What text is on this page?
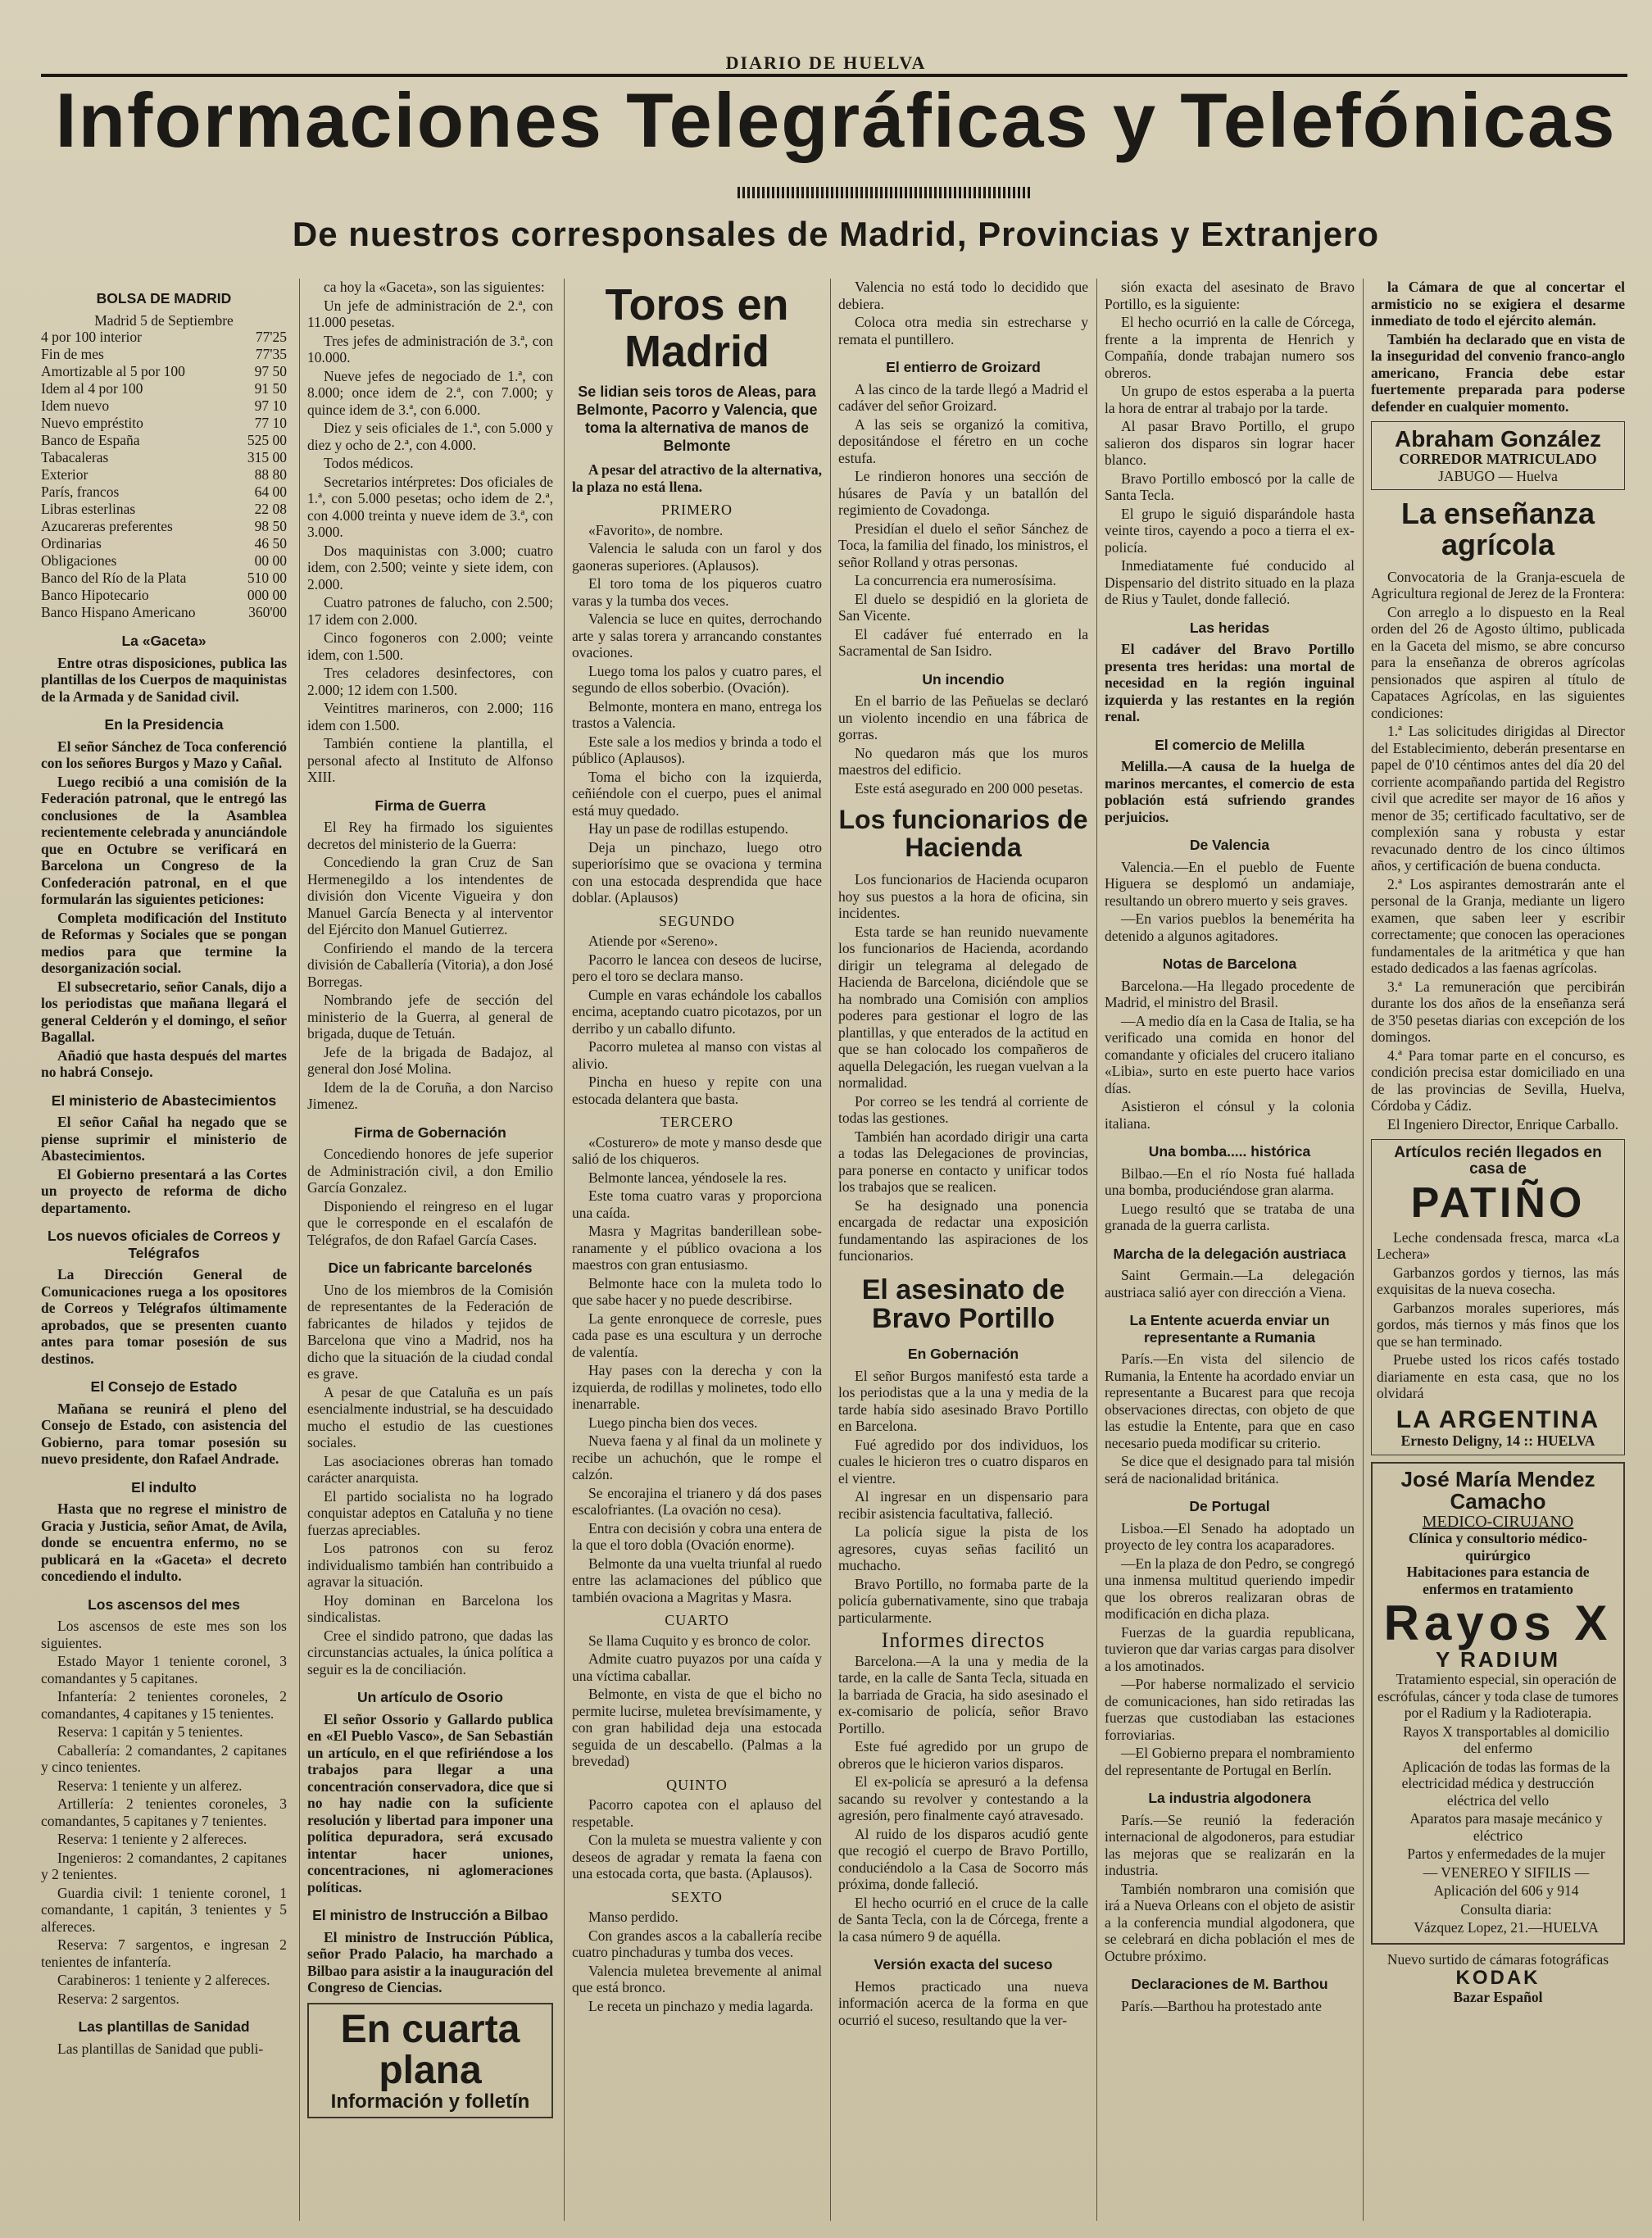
DIARIO DE HUELVA
Informaciones Telegráficas y Telefónicas
De nuestros corresponsales de Madrid, Provincias y Extranjero
BOLSA DE MADRID
Madrid 5 de Septiembre
4 por 100 interior	77'25
Fin de mes	77'35
Amortizable al 5 por 100	97 50
Idem al 4 por 100	91 50
Idem nuevo	97 10
Nuevo empréstito	77 10
Banco de España	525 00
Tabacaleras	315 00
Exterior	88 80
París, francos	64 00
Libras esterlinas	22 08
Azucareras preferentes	98 50
Ordinarias	46 50
Obligaciones	00 00
Banco del Río de la Plata	510 00
Banco Hipotecario	000 00
Banco Hispano Americano	360'00
La «Gaceta»

Entre otras disposiciones, publica las plantillas de los Cuerpos de maquinistas de la Armada y de Sanidad civil.

En la Presidencia

El señor Sánchez de Toca conferenció con los señores Burgos y Mazo y Cañal.

Luego recibió a una comisión de la Federación patronal, que le entregó las conclusiones de la Asamblea recientemente celebrada y anunciándole que en Octubre se verificará en Barcelona un Congreso de la Confederación patronal, en el que formularán las siguientes peticiones:

Completa modificación del Instituto de Reformas y Sociales que se pongan medios para que termine la desorganización social.

El subsecretario, señor Canals, dijo a los periodistas que mañana llegará el general Celderón y el domingo, el señor Bagallal.

Añadió que hasta después del martes no habrá Consejo.

El ministerio de Abastecimientos

El señor Cañal ha negado que se piense suprimir el ministerio de Abastecimientos.

El Gobierno presentará a las Cortes un proyecto de reforma de dicho departamento.

Los nuevos oficiales de Correos y Telégrafos

La Dirección General de Comunicaciones ruega a los opositores de Correos y Telégrafos últimamente aprobados, que se presenten cuanto antes para tomar posesión de sus destinos.

El Consejo de Estado

Mañana se reunirá el pleno del Consejo de Estado, con asistencia del Gobierno, para tomar posesión su nuevo presidente, don Rafael Andrade.

El indulto

Hasta que no regrese el ministro de Gracia y Justicia, señor Amat, de Avila, donde se encuentra enfermo, no se publicará en la «Gaceta» el decreto concediendo el indulto.

Los ascensos del mes

Los ascensos de este mes son los siguientes.

Estado Mayor 1 teniente coronel, 3 comandantes y 5 capitanes.

Infantería: 2 tenientes coroneles, 2 comandantes, 4 capitanes y 15 tenientes.

Reserva: 1 capitán y 5 tenientes.

Caballería: 2 comandantes, 2 capitanes y cinco tenientes.

Reserva: 1 teniente y un alferez.

Artillería: 2 tenientes coroneles, 3 comandantes, 5 capitanes y 7 tenientes.

Reserva: 1 teniente y 2 alfereces.

Ingenieros: 2 comandantes, 2 capitanes y 2 tenientes.

Guardia civil: 1 teniente coronel, 1 comandante, 1 capitán, 3 tenientes y 5 alfereces.

Reserva: 7 sargentos, e ingresan 2 tenientes de infantería.

Carabineros: 1 teniente y 2 alfereces.

Reserva: 2 sargentos.

Las plantillas de Sanidad

Las plantillas de Sanidad que publi-

ca hoy la «Gaceta», son las siguientes:

Un jefe de administración de 2.ª, con 11.000 pesetas.

Tres jefes de administración de 3.ª, con 10.000.

Nueve jefes de negociado de 1.ª, con 8.000; once idem de 2.ª, con 7.000; y quince idem de 3.ª, con 6.000.

Diez y seis oficiales de 1.ª, con 5.000 y diez y ocho de 2.ª, con 4.000.

Todos médicos.

Secretarios intérpretes: Dos oficiales de 1.ª, con 5.000 pesetas; ocho idem de 2.ª, con 4.000 treinta y nueve idem de 3.ª, con 3.000.

Dos maquinistas con 3.000; cuatro idem, con 2.500; veinte y siete idem, con 2.000.

Cuatro patrones de falucho, con 2.500; 17 idem con 2.000.

Cinco fogoneros con 2.000; veinte idem, con 1.500.

Tres celadores desinfectores, con 2.000; 12 idem con 1.500.

Veintitres marineros, con 2.000; 116 idem con 1.500.

También contiene la plantilla, el personal afecto al Instituto de Alfonso XIII.

Firma de Guerra

El Rey ha firmado los siguientes decretos del ministerio de la Guerra:

Concediendo la gran Cruz de San Hermenegildo a los intendentes de división don Vicente Vigueira y don Manuel García Benecta y al interventor del Ejército don Manuel Gutierrez.

Confiriendo el mando de la tercera división de Caballería (Vitoria), a don José Borregas.

Nombrando jefe de sección del ministerio de la Guerra, al general de brigada, duque de Tetuán.

Jefe de la brigada de Badajoz, al general don José Molina.

Idem de la de Coruña, a don Narciso Jimenez.

Firma de Gobernación

Concediendo honores de jefe superior de Administración civil, a don Emilio García Gonzalez.

Disponiendo el reingreso en el lugar que le corresponde en el escalafón de Telégrafos, de don Rafael García Cases.

Dice un fabricante barcelonés

Uno de los miembros de la Comisión de representantes de la Federación de fabricantes de hilados y tejidos de Barcelona que vino a Madrid, nos ha dicho que la situación de la ciudad condal es grave.

A pesar de que Cataluña es un país esencialmente industrial, se ha descuidado mucho el estudio de las cuestiones sociales.

Las asociaciones obreras han tomado carácter anarquista.

El partido socialista no ha logrado conquistar adeptos en Cataluña y no tiene fuerzas apreciables.

Los patronos con su feroz individualismo también han contribuido a agravar la situación.

Hoy dominan en Barcelona los sindicalistas.

Cree el sindido patrono, que dadas las circunstancias actuales, la única política a seguir es la de conciliación.

Un artículo de Osorio

El señor Ossorio y Gallardo publica en «El Pueblo Vasco», de San Sebastián un artículo, en el que refiriéndose a los trabajos para llegar a una concentración conservadora, dice que si no hay nadie con la suficiente resolución y libertad para imponer una política depuradora, será excusado intentar hacer uniones, concentraciones, ni aglomeraciones políticas.

El ministro de Instrucción a Bilbao

El ministro de Instrucción Pública, señor Prado Palacio, ha marchado a Bilbao para asistir a la inauguración del Congreso de Ciencias.

En cuarta plana
Información y folletín
Toros en Madrid
Se lidian seis toros de Aleas, para Belmonte, Pacorro y Valencia, que toma la alternativa de manos de Belmonte

A pesar del atractivo de la alternativa, la plaza no está llena.

PRIMERO

«Favorito», de nombre.

Valencia le saluda con un farol y dos gaoneras superiores. (Aplausos).

El toro toma de los piqueros cuatro varas y la tumba dos veces.

Valencia se luce en quites, derrochando arte y salas torera y arrancando constantes ovaciones.

Luego toma los palos y cuatro pares, el segundo de ellos soberbio. (Ovación).

Belmonte, montera en mano, entrega los trastos a Valencia.

Este sale a los medios y brinda a todo el público (Aplausos).

Toma el bicho con la izquierda, ceñiéndole con el cuerpo, pues el animal está muy quedado.

Hay un pase de rodillas estupendo.

Deja un pinchazo, luego otro superiorísimo que se ovaciona y termina con una estocada desprendida que hace doblar. (Aplausos)

SEGUNDO

Atiende por «Sereno».

Pacorro le lancea con deseos de lucirse, pero el toro se declara manso.

Cumple en varas echándole los caballos encima, aceptando cuatro picotazos, por un derribo y un caballo difunto.

Pacorro muletea al manso con vistas al alivio.

Pincha en hueso y repite con una estocada delantera que basta.

TERCERO

«Costurero» de mote y manso desde que salió de los chiqueros.

Belmonte lancea, yéndosele la res.

Este toma cuatro varas y proporciona una caída.

Masra y Magritas banderillean sobe-ranamente y el público ovaciona a los maestros con gran entusiasmo.

Belmonte hace con la muleta todo lo que sabe hacer y no puede describirse.

La gente enronquece de corresle, pues cada pase es una escultura y un derroche de valentía.

Hay pases con la derecha y con la izquierda, de rodillas y molinetes, todo ello inenarrable.

Luego pincha bien dos veces.

Nueva faena y al final da un molinete y recibe un achuchón, que le rompe el calzón.

Se encorajina el trianero y dá dos pases escalofriantes. (La ovación no cesa).

Entra con decisión y cobra una entera de la que el toro dobla (Ovación enorme).

Belmonte da una vuelta triunfal al ruedo entre las aclamaciones del público que también ovaciona a Magritas y Masra.

CUARTO

Se llama Cuquito y es bronco de color.

Admite cuatro puyazos por una caída y una víctima caballar.

Belmonte, en vista de que el bicho no permite lucirse, muletea brevísimamente, y con gran habilidad deja una estocada seguida de un descabello. (Palmas a la brevedad)

QUINTO

Pacorro capotea con el aplauso del respetable.

Con la muleta se muestra valiente y con deseos de agradar y remata la faena con una estocada corta, que basta. (Aplausos).

SEXTO

Manso perdido.

Con grandes ascos a la caballería recibe cuatro pinchaduras y tumba dos veces.

Valencia muletea brevemente al animal que está bronco.

Le recetа un pinchazo y media lagarda.

Valencia no está todo lo decidido que debiera.

Coloca otra media sin estrecharse y remata el puntillero.

El entierro de Groizard

A las cinco de la tarde llegó a Madrid el cadáver del señor Groizard.

A las seis se organizó la comitiva, depositándose el féretro en un coche estufa.

Le rindieron honores una sección de húsares de Pavía y un batallón del regimiento de Covadonga.

Presidían el duelo el señor Sánchez de Toca, la familia del finado, los ministros, el señor Rolland y otras personas.

La concurrencia era numerosísima.

El duelo se despidió en la glorieta de San Vicente.

El cadáver fué enterrado en la Sacramental de San Isidro.

Un incendio

En el barrio de las Peñuelas se declaró un violento incendio en una fábrica de gorras.

No quedaron más que los muros maestros del edificio.

Este está asegurado en 200 000 pesetas.

Los funcionarios de Hacienda

Los funcionarios de Hacienda ocuparon hoy sus puestos a la hora de oficina, sin incidentes.

Esta tarde se han reunido nuevamente los funcionarios de Hacienda, acordando dirigir un telegrama al delegado de Hacienda de Barcelona, diciéndole que se ha nombrado una Comisión con amplios poderes para gestionar el logro de las plantillas, y que enterados de la actitud en que se han colocado los compañeros de aquella Delegación, les ruegan vuelvan a la normalidad.

Por correo se les tendrá al corriente de todas las gestiones.

También han acordado dirigir una carta a todas las Delegaciones de provincias, para ponerse en contacto y unificar todos los trabajos que se realicen.

Se ha designado una ponencia encargada de redactar una exposición fundamentando las aspiraciones de los funcionarios.

El asesinato de Bravo Portillo
En Gobernación

El señor Burgos manifestó esta tarde a los periodistas que a la una y media de la tarde había sido asesinado Bravo Portillo en Barcelona.

Fué agredido por dos individuos, los cuales le hicieron tres o cuatro disparos en el vientre.

Al ingresar en un dispensario para recibir asistencia facultativa, falleció.

La policía sigue la pista de los agresores, cuyas señas facilitó un muchacho.

Bravo Portillo, no formaba parte de la policía gubernativamente, sino que trabaja particularmente.

Informes directos

Barcelona.—A la una y media de la tarde, en la calle de Santa Tecla, situada en la barriada de Gracia, ha sido asesinado el ex-comisario de policía, señor Bravo Portillo.

Este fué agredido por un grupo de obreros que le hicieron varios disparos.

El ex-policía se apresuró a la defensa sacando su revolver y contestando a la agresión, pero finalmente cayó atravesado.

Al ruido de los disparos acudió gente que recogió el cuerpo de Bravo Portillo, conduciéndolo a la Casa de Socorro más próxima, donde falleció.

El hecho ocurrió en el cruce de la calle de Santa Tecla, con la de Córcega, frente a la casa número 9 de aquélla.

Versión exacta del suceso

Hemos practicado una nueva información acerca de la forma en que ocurrió el suceso, resultando que la ver-

sión exacta del asesinato de Bravo Portillo, es la siguiente:

El hecho ocurrió en la calle de Córcega, frente a la imprenta de Henrich y Compañía, donde trabajan numero sos obreros.

Un grupo de estos esperaba a la puerta la hora de entrar al trabajo por la tarde.

Al pasar Bravo Portillo, el grupo salieron dos disparos sin lograr hacer blanco.

Bravo Portillo emboscó por la calle de Santa Tecla.

El grupo le siguió disparándole hasta veinte tiros, cayendo a poco a tierra el ex-policía.

Inmediatamente fué conducido al Dispensario del distrito situado en la plaza de Rius y Taulet, donde falleció.

Las heridas

El cadáver del Bravo Portillo presenta tres heridas: una mortal de necesidad en la región inguinal izquierda y las restantes en la región renal.

El comercio de Melilla

Melilla.—A causa de la huelga de marinos mercantes, el comercio de esta población está sufriendo grandes perjuicios.

De Valencia

Valencia.—En el pueblo de Fuente Higuera se desplomó un andamiaje, resultando un obrero muerto y seis graves.

—En varios pueblos la benemérita ha detenido a algunos agitadores.

Notas de Barcelona

Barcelona.—Ha llegado procedente de Madrid, el ministro del Brasil.

—A medio día en la Casa de Italia, se ha verificado una comida en honor del comandante y oficiales del crucero italiano «Libia», surto en este puerto hace varios días.

Asistieron el cónsul y la colonia italiana.

Una bomba..... histórica

Bilbao.—En el río Nosta fué hallada una bomba, produciéndose gran alarma.

Luego resultó que se trataba de una granada de la guerra carlista.

Marcha de la delegación austriaca

Saint Germain.—La delegación austriaca salió ayer con dirección a Viena.

La Entente acuerda enviar un representante a Rumania

París.—En vista del silencio de Rumania, la Entente ha acordado enviar un representante a Bucarest para que recoja observaciones directas, con objeto de que las estudie la Entente, para que en caso necesario pueda modificar su criterio.

Se dice que el designado para tal misión será de nacionalidad británica.

De Portugal

Lisboa.—El Senado ha adoptado un proyecto de ley contra los acaparadores.

—En la plaza de don Pedro, se congregó una inmensa multitud queriendo impedir que los obreros realizaran obras de modificación en dicha plaza.

Fuerzas de la guardia republicana, tuvieron que dar varias cargas para disolver a los amotinados.

—Por haberse normalizado el servicio de comunicaciones, han sido retiradas las fuerzas que custodiaban las estaciones forroviarias.

—El Gobierno prepara el nombramiento del representante de Portugal en Berlín.

La industria algodonera

París.—Se reunió la federación internacional de algodoneros, para estudiar las mejoras que se realizarán en la industria.

También nombraron una comisión que irá a Nueva Orleans con el objeto de asistir a la conferencia mundial algodonera, que se celebrará en dicha población el mes de Octubre próximo.

Declaraciones de M. Barthou

París.—Barthou ha protestado ante

la Cámara de que al concertar el armisticio no se exigiera el desarme inmediato de todo el ejército alemán.

También ha declarado que en vista de la inseguridad del convenio franco-anglo americano, Francia debe estar fuertemente preparada para poderse defender en cualquier momento.

Abraham González
CORREDOR MATRICULADO
JABUGO — Huelva
La enseñanza agrícola

Convocatoria de la Granja-escuela de Agricultura regional de Jerez de la Frontera:

Con arreglo a lo dispuesto en la Real orden del 26 de Agosto último, publicada en la Gaceta del mismo, se abre concurso para la enseñanza de obreros agrícolas pensionados que aspiren al título de Capataces Agrícolas, en las siguientes condiciones:

1.ª Las solicitudes dirigidas al Director del Establecimiento, deberán presentarse en papel de 0'10 céntimos antes del día 20 del corriente acompañando partida del Registro civil que acredite ser mayor de 16 años y menor de 35; certificado facultativo, ser de complexión sana y robusta y estar revacunado dentro de los cinco últimos años, y certificación de buena conducta.

2.ª Los aspirantes demostrarán ante el personal de la Granja, mediante un ligero examen, que saben leer y escribir correctamente; que conocen las operaciones fundamentales de la aritmética y que han estado dedicados a las faenas agrícolas.

3.ª La remuneración que percibirán durante los dos años de la enseñanza será de 3'50 pesetas diarias con excepción de los domingos.

4.ª Para tomar parte en el concurso, es condición precisa estar domiciliado en una de las provincias de Sevilla, Huelva, Córdoba y Cádiz.

El Ingeniero Director, Enrique Carballo.

Artículos recién llegados en casa de
PATIÑO

Leche condensada fresca, marca «La Lechera»

Garbanzos gordos y tiernos, las más exquisitas de la nueva cosecha.

Garbanzos morales superiores, más gordos, más tiernos y más finos que los que se han terminado.

Pruebe usted los ricos cafés tostado diariamente en esta casa, que no los olvidará

LA ARGENTINA
Ernesto Deligny, 14 :: HUELVA
José María Mendez Camacho
MEDICO-CIRUJANO
Clínica y consultorio médico-quirúrgico
Habitaciones para estancia de enfermos en tratamiento
Rayos X
Y RADIUM

Tratamiento especial, sin operación de escrófulas, cáncer y toda clase de tumores por el Radium y la Radioterapia.

Rayos X transportables al domicilio del enfermo

Aplicación de todas las formas de la electricidad médica y destrucción eléctrica del vello

Aparatos para masaje mecánico y eléctrico

Partos y enfermedades de la mujer

— VENEREO Y SIFILIS —

Aplicación del 606 y 914

Consulta diaria:

Vázquez Lopez, 21.—HUELVA

Nuevo surtido de cámaras fotográficas
KODAK
Bazar Español
